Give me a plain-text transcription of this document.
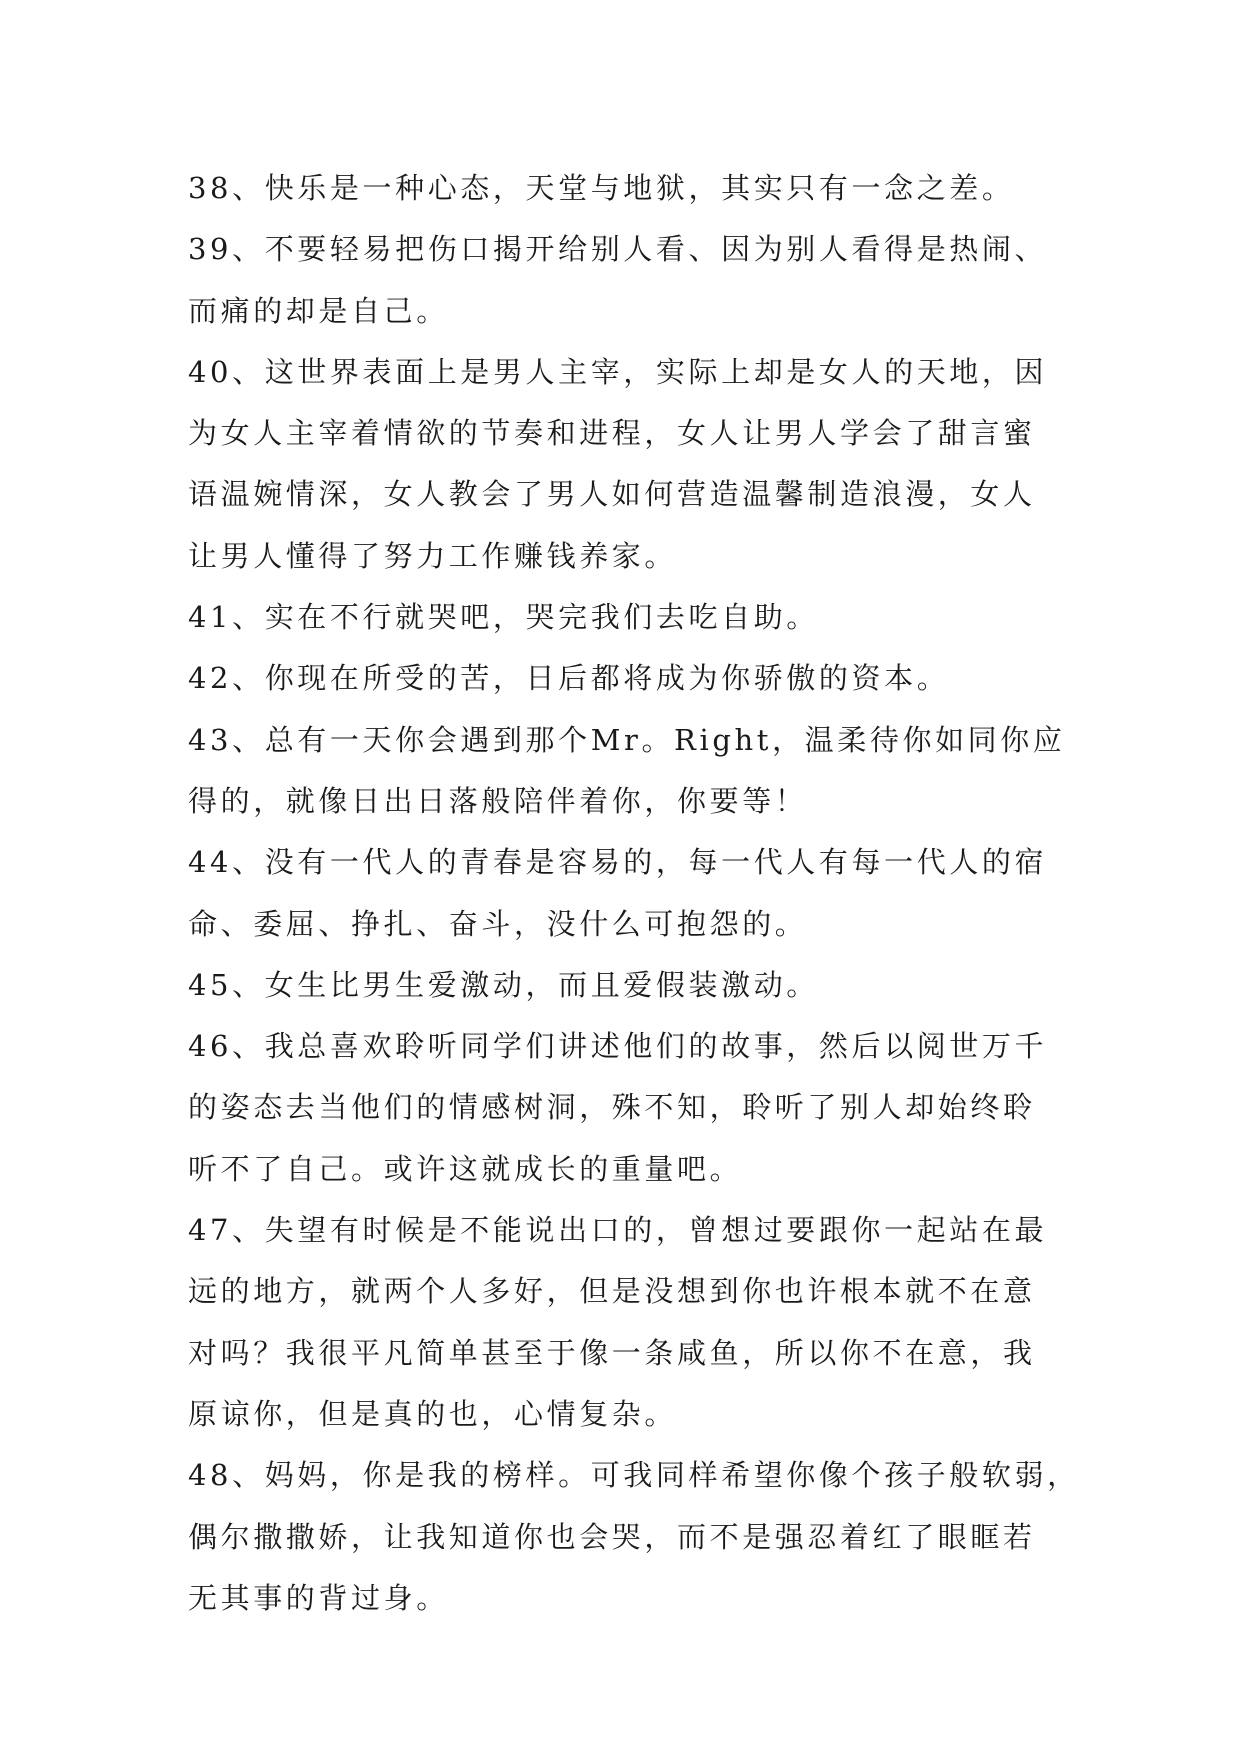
38、快乐是一种心态，天堂与地狱，其实只有一念之差。
39、不要轻易把伤口揭开给别人看、因为别人看得是热闹、
而痛的却是自己。
40、这世界表面上是男人主宰，实际上却是女人的天地，因
为女人主宰着情欲的节奏和进程，女人让男人学会了甜言蜜
语温婉情深，女人教会了男人如何营造温馨制造浪漫，女人
让男人懂得了努力工作赚钱养家。
41、实在不行就哭吧，哭完我们去吃自助。
42、你现在所受的苦，日后都将成为你骄傲的资本。
43、总有一天你会遇到那个Mr。Right，温柔待你如同你应
得的，就像日出日落般陪伴着你，你要等！
44、没有一代人的青春是容易的，每一代人有每一代人的宿
命、委屈、挣扎、奋斗，没什么可抱怨的。
45、女生比男生爱激动，而且爱假装激动。
46、我总喜欢聆听同学们讲述他们的故事，然后以阅世万千
的姿态去当他们的情感树洞，殊不知，聆听了别人却始终聆
听不了自己。或许这就成长的重量吧。
47、失望有时候是不能说出口的，曾想过要跟你一起站在最
远的地方，就两个人多好，但是没想到你也许根本就不在意
对吗？我很平凡简单甚至于像一条咸鱼，所以你不在意，我
原谅你，但是真的也，心情复杂。
48、妈妈，你是我的榜样。可我同样希望你像个孩子般软弱，
偶尔撒撒娇，让我知道你也会哭，而不是强忍着红了眼眶若
无其事的背过身。
